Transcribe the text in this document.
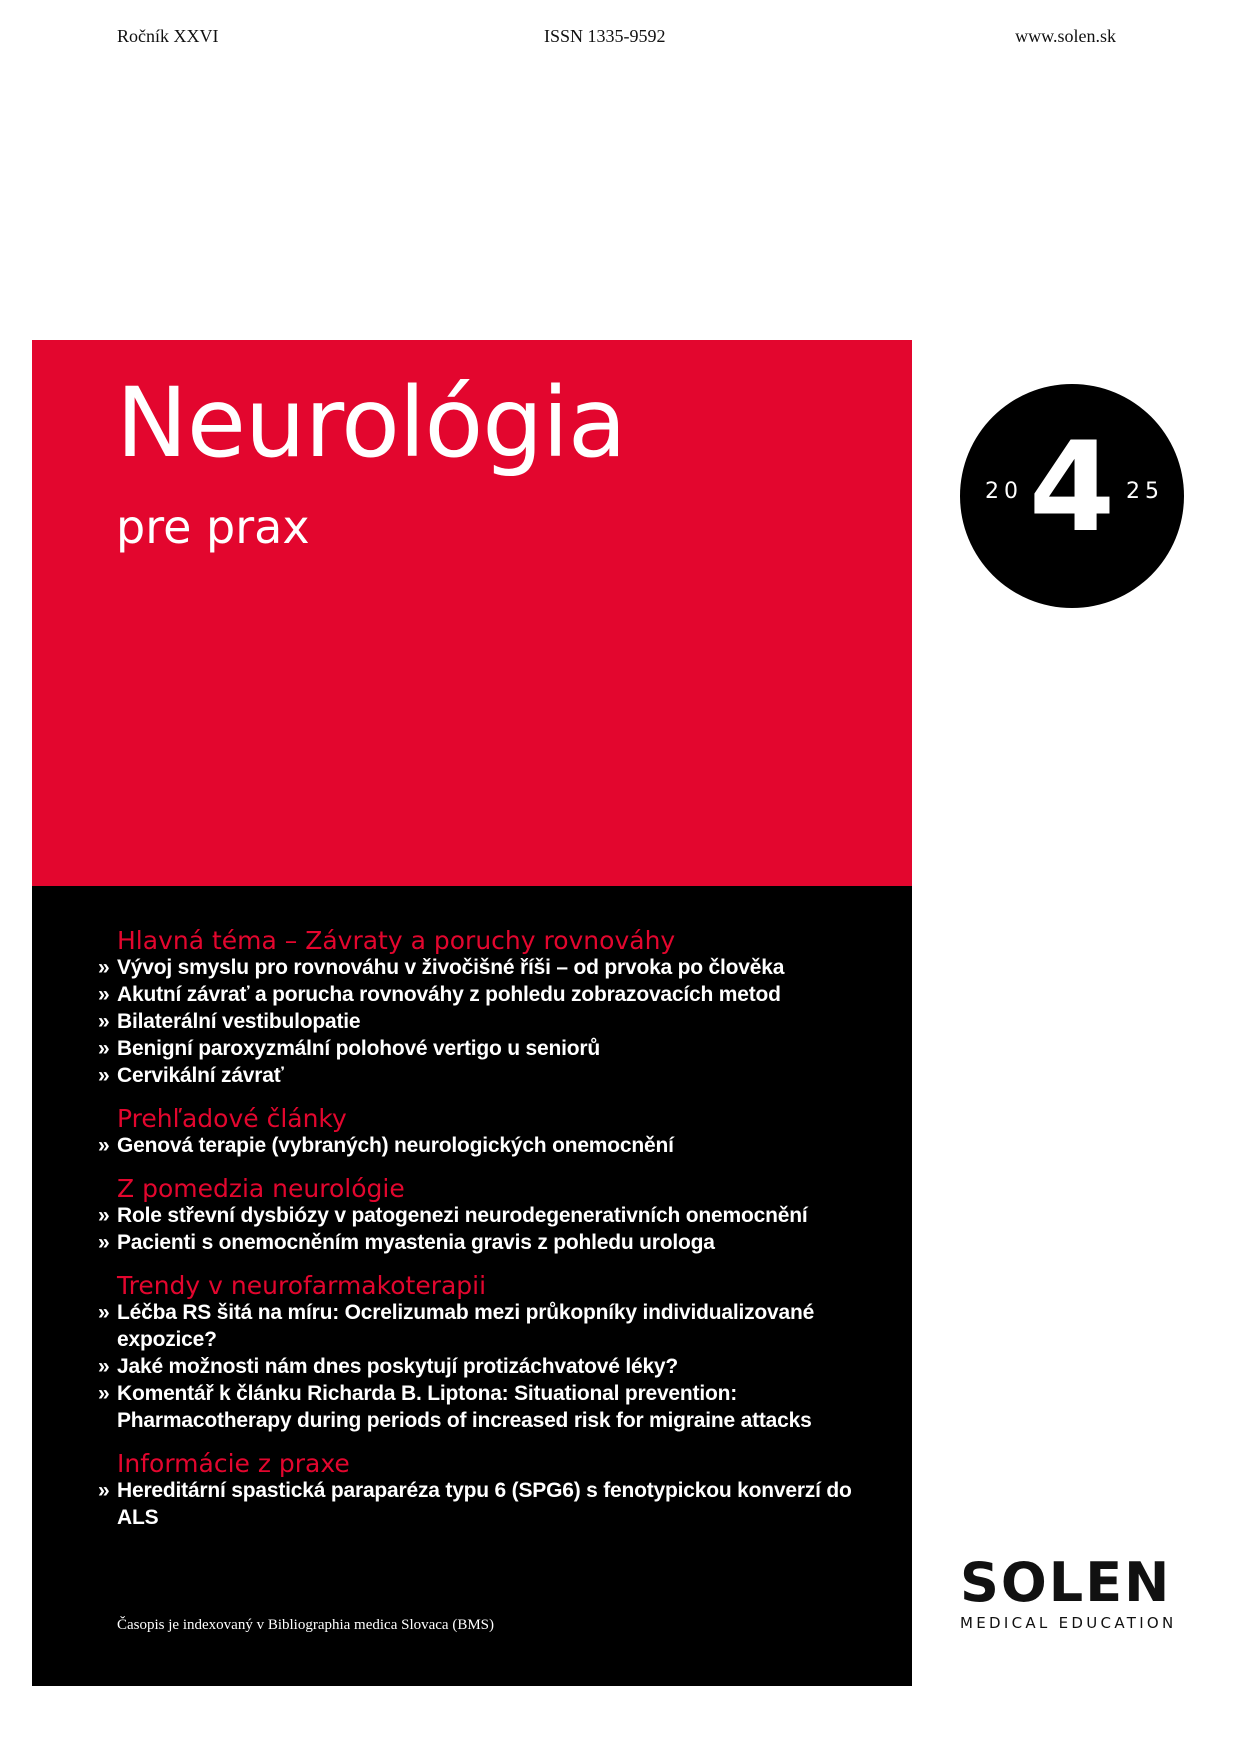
Ročník XXVI	ISSN 1335-9592	www.solen.sk
Neurológia
pre prax
20 4 25
Hlavná téma – Závraty a poruchy rovnováhy
» Vývoj smyslu pro rovnováhu v živočišné říši – od prvoka po člověka
» Akutní závrať a porucha rovnováhy z pohledu zobrazovacích metod
» Bilaterální vestibulopatie
» Benigní paroxyzmální polohové vertigo u seniorů
» Cervikální závrať
Prehľadové články
» Genová terapie (vybraných) neurologických onemocnění
Z pomedzia neurológie
» Role střevní dysbiózy v patogenezi neurodegenerativních onemocnění
» Pacienti s onemocněním myastenia gravis z pohledu urologa
Trendy v neurofarmakoterapii
» Léčba RS šitá na míru: Ocrelizumab mezi průkopníky individualizované expozice?
» Jaké možnosti nám dnes poskytují protizáchvatové léky?
» Komentář k článku Richarda B. Liptona: Situational prevention: Pharmacotherapy during periods of increased risk for migraine attacks
Informácie z praxe
» Hereditární spastická paraparéza typu 6 (SPG6) s fenotypickou konverzí do ALS
Časopis je indexovaný v Bibliographia medica Slovaca (BMS)
SOLEN
MEDICAL EDUCATION
